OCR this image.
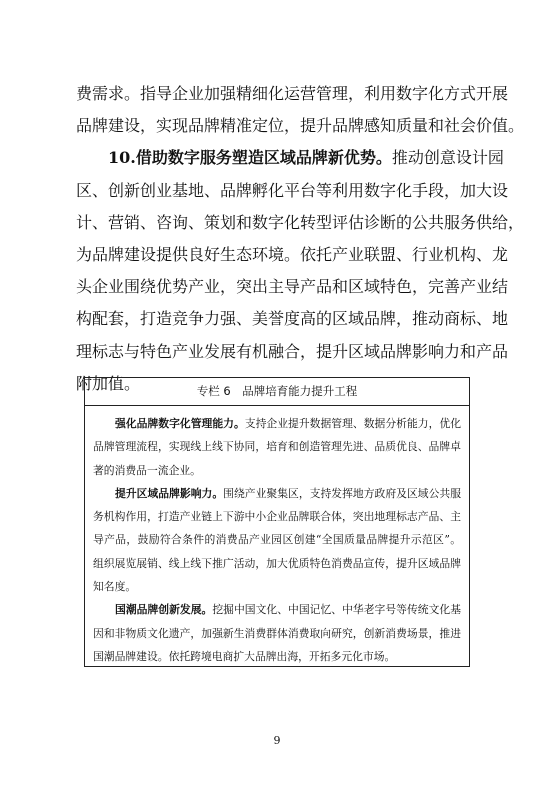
费需求。指导企业加强精细化运营管理，利用数字化方式开展
品牌建设，实现品牌精准定位，提升品牌感知质量和社会价值。
10.借助数字服务塑造区域品牌新优势。推动创意设计园
区、创新创业基地、品牌孵化平台等利用数字化手段，加大设
计、营销、咨询、策划和数字化转型评估诊断的公共服务供给，
为品牌建设提供良好生态环境。依托产业联盟、行业机构、龙
头企业围绕优势产业，突出主导产品和区域特色，完善产业结
构配套，打造竞争力强、美誉度高的区域品牌，推动商标、地
理标志与特色产业发展有机融合，提升区域品牌影响力和产品
附加值。	专栏 6　品牌培育能力提升工程
强化品牌数字化管理能力。支持企业提升数据管理、数据分析能力，优化
品牌管理流程，实现线上线下协同，培育和创造管理先进、品质优良、品牌卓
著的消费品一流企业。
提升区域品牌影响力。围绕产业聚集区，支持发挥地方政府及区域公共服
务机构作用，打造产业链上下游中小企业品牌联合体，突出地理标志产品、主
导产品，鼓励符合条件的消费品产业园区创建“全国质量品牌提升示范区”。
组织展览展销、线上线下推广活动，加大优质特色消费品宣传，提升区域品牌
知名度。
国潮品牌创新发展。挖掘中国文化、中国记忆、中华老字号等传统文化基
因和非物质文化遗产，加强新生消费群体消费取向研究，创新消费场景，推进
国潮品牌建设。依托跨境电商扩大品牌出海，开拓多元化市场。
9
